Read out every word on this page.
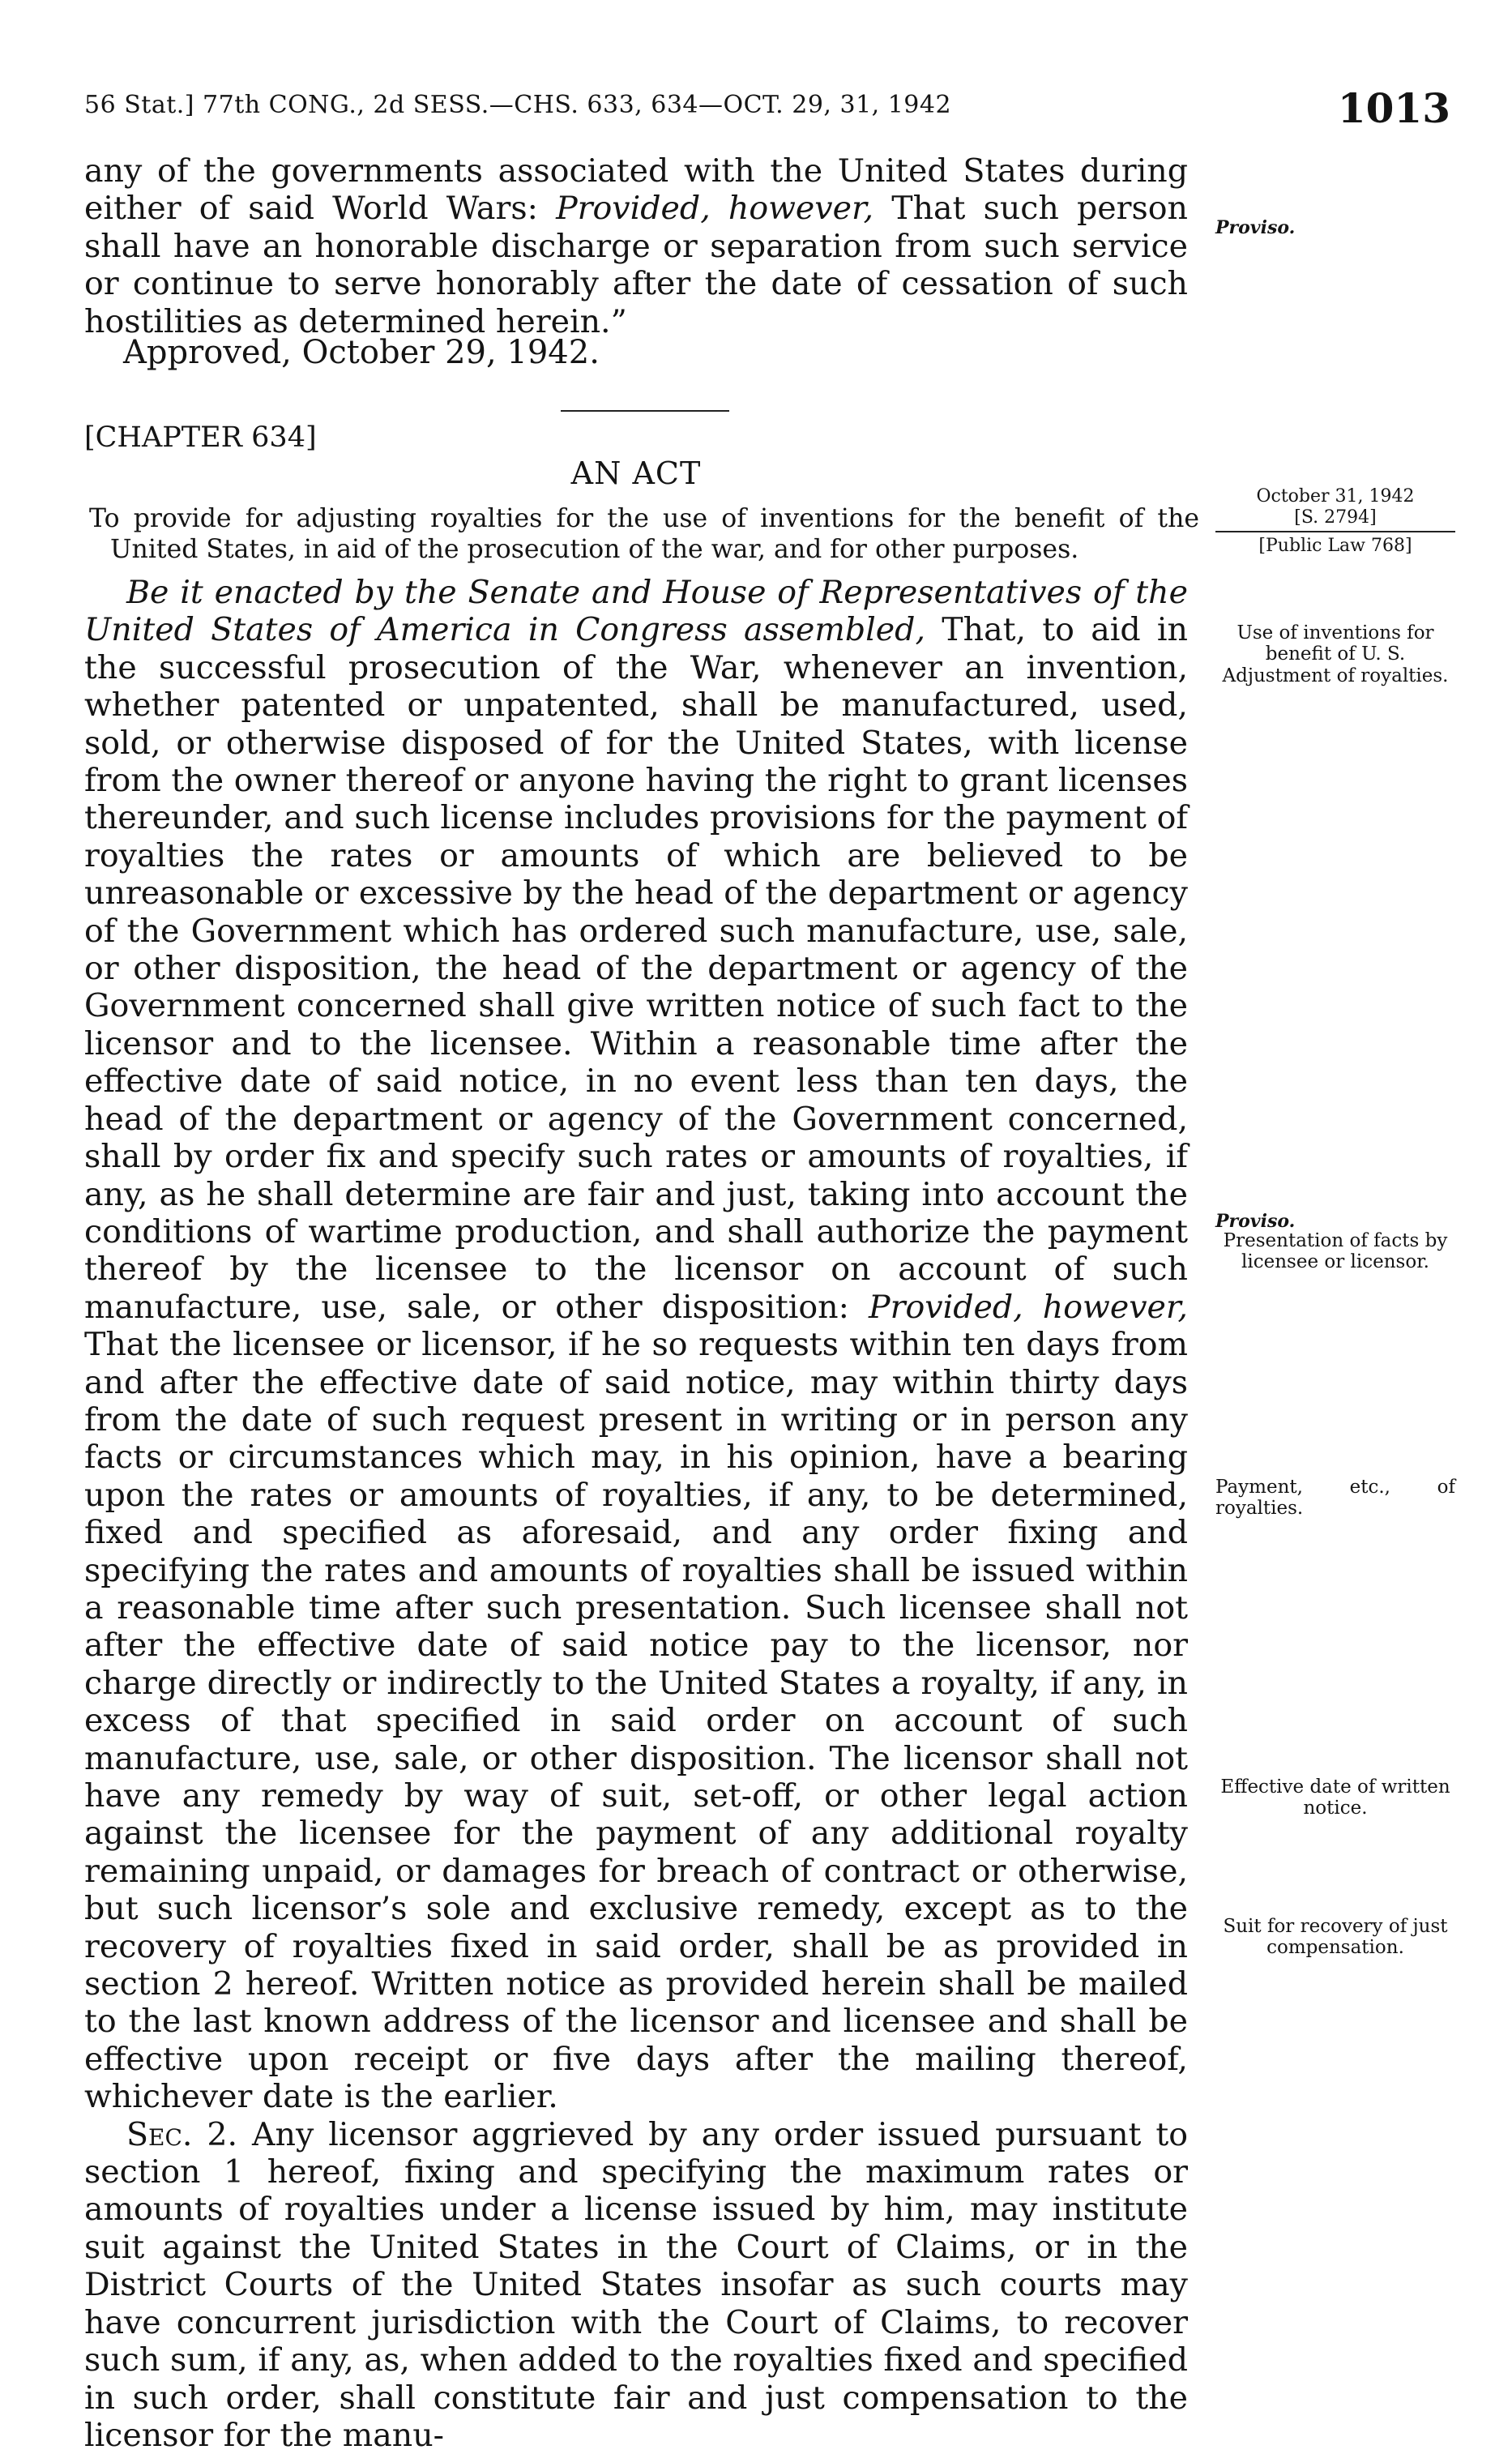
56 Stat.] 77th CONG., 2d SESS.—CHS. 633, 634—OCT. 29, 31, 1942	1013

any of the governments associated with the United States during either of said World Wars: Provided, however, That such person shall have an honorable discharge or separation from such service or continue to serve honorably after the date of cessation of such hostilities as determined herein.”

Approved, October 29, 1942.
Proviso.
[CHAPTER 634]
AN ACT
To provide for adjusting royalties for the use of inventions for the benefit of the
United States, in aid of the prosecution of the war, and for other purposes.
October 31, 1942
[S. 2794]
[Public Law 768]

Be it enacted by the Senate and House of Representatives of the United States of America in Congress assembled, That, to aid in the successful prosecution of the War, whenever an invention, whether patented or unpatented, shall be manufactured, used, sold, or otherwise disposed of for the United States, with license from the owner thereof or anyone having the right to grant licenses thereunder, and such license includes provisions for the payment of royalties the rates or amounts of which are believed to be unreasonable or excessive by the head of the department or agency of the Government which has ordered such manufacture, use, sale, or other disposition, the head of the department or agency of the Government concerned shall give written notice of such fact to the licensor and to the licensee. Within a reasonable time after the effective date of said notice, in no event less than ten days, the head of the department or agency of the Government concerned, shall by order fix and specify such rates or amounts of royalties, if any, as he shall determine are fair and just, taking into account the conditions of wartime production, and shall authorize the payment thereof by the licensee to the licensor on account of such manufacture, use, sale, or other disposition: Provided, however, That the licensee or licensor, if he so requests within ten days from and after the effective date of said notice, may within thirty days from the date of such request present in writing or in person any facts or circumstances which may, in his opinion, have a bearing upon the rates or amounts of royalties, if any, to be determined, fixed and specified as aforesaid, and any order fixing and specifying the rates and amounts of royalties shall be issued within a reasonable time after such presentation. Such licensee shall not after the effective date of said notice pay to the licensor, nor charge directly or indirectly to the United States a royalty, if any, in excess of that specified in said order on account of such manufacture, use, sale, or other disposition. The licensor shall not have any remedy by way of suit, set-off, or other legal action against the licensee for the payment of any additional royalty remaining unpaid, or damages for breach of contract or otherwise, but such licensor’s sole and exclusive remedy, except as to the recovery of royalties fixed in said order, shall be as provided in section 2 hereof. Written notice as provided herein shall be mailed to the last known address of the licensor and licensee and shall be effective upon receipt or five days after the mailing thereof, whichever date is the earlier.

Sec. 2. Any licensor aggrieved by any order issued pursuant to section 1 hereof, fixing and specifying the maximum rates or amounts of royalties under a license issued by him, may institute suit against the United States in the Court of Claims, or in the District Courts of the United States insofar as such courts may have concurrent jurisdiction with the Court of Claims, to recover such sum, if any, as, when added to the royalties fixed and specified in such order, shall constitute fair and just compensation to the licensor for the manu-

Use of inventions for benefit of U. S. Adjustment of royalties.
Proviso.
Presentation of facts by licensee or licensor.
Payment, etc., of royalties.
Effective date of written notice.
Suit for recovery of just compensation.
